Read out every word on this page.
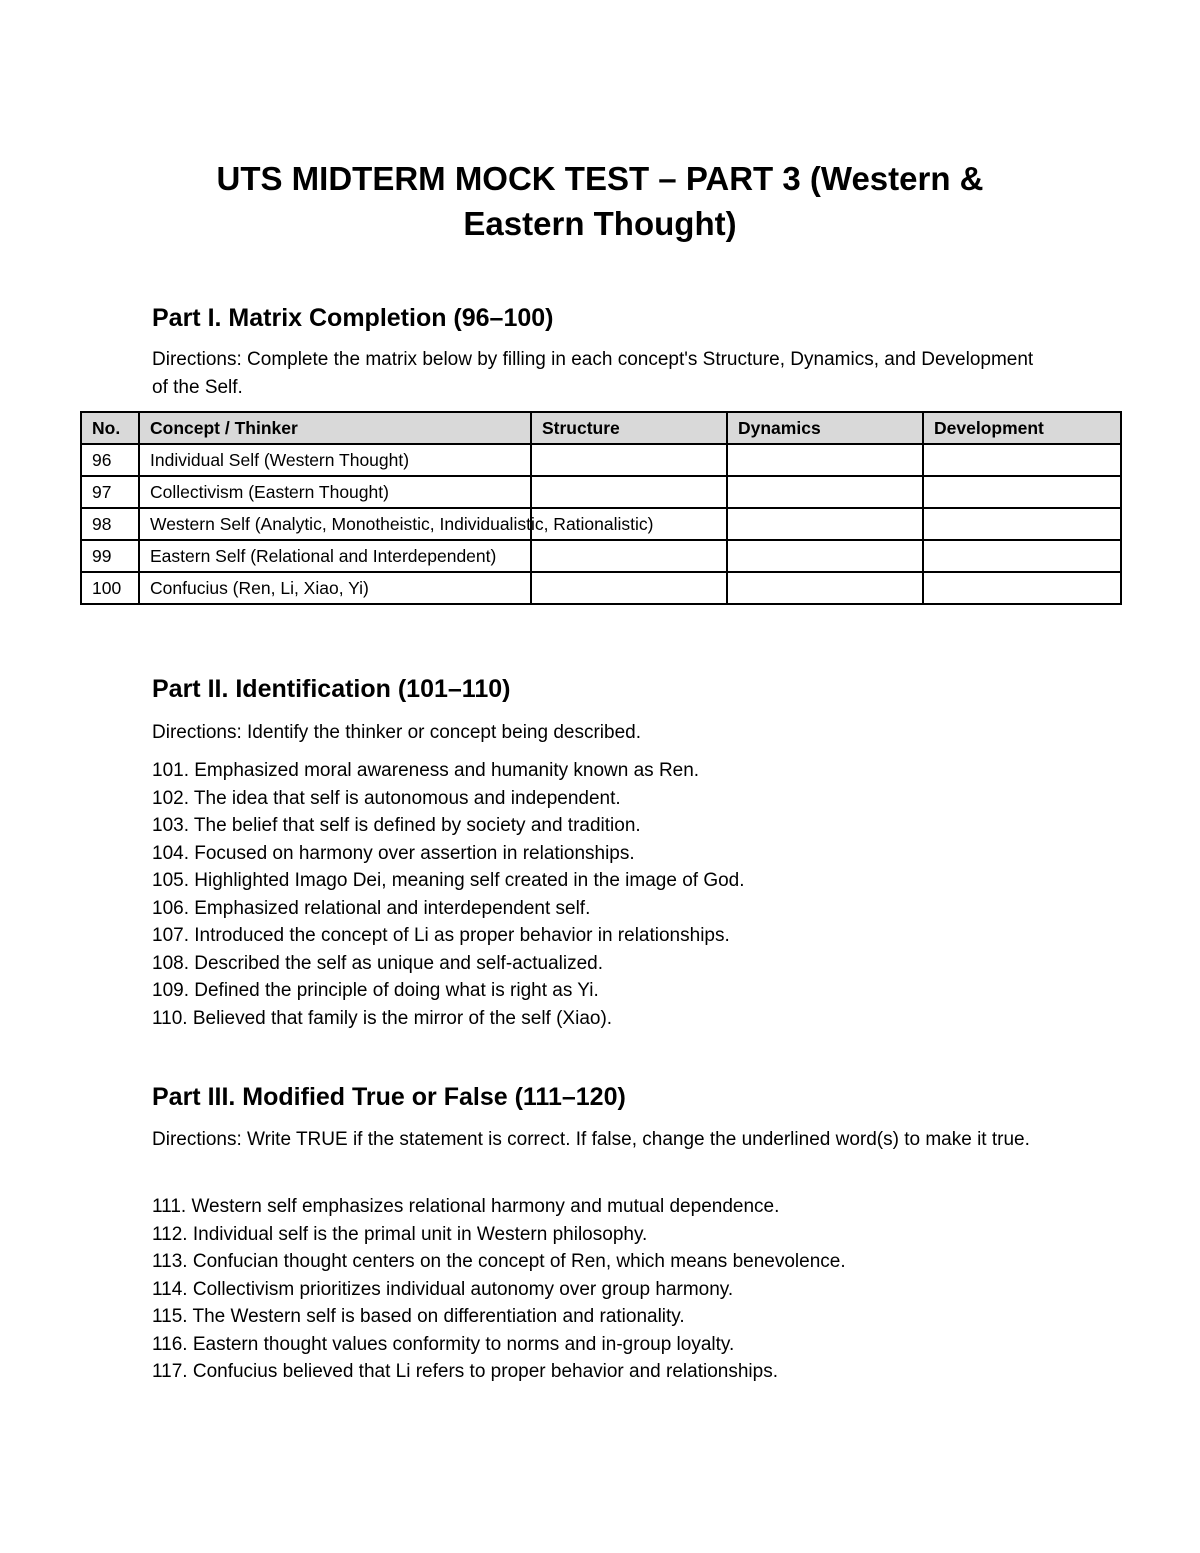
UTS MIDTERM MOCK TEST – PART 3 (Western &
Eastern Thought)
Part I. Matrix Completion (96–100)

Directions: Complete the matrix below by filling in each concept's Structure, Dynamics, and Development of the Self.

No.	Concept / Thinker	Structure	Dynamics	Development
96	Individual Self (Western Thought)			
97	Collectivism (Eastern Thought)			
98	Western Self (Analytic, Monotheistic, Individualistic, Rationalistic)			
99	Eastern Self (Relational and Interdependent)			
100	Confucius (Ren, Li, Xiao, Yi)			
Part II. Identification (101–110)

Directions: Identify the thinker or concept being described.

101. Emphasized moral awareness and humanity known as Ren.
102. The idea that self is autonomous and independent.
103. The belief that self is defined by society and tradition.
104. Focused on harmony over assertion in relationships.
105. Highlighted Imago Dei, meaning self created in the image of God.
106. Emphasized relational and interdependent self.
107. Introduced the concept of Li as proper behavior in relationships.
108. Described the self as unique and self-actualized.
109. Defined the principle of doing what is right as Yi.
110. Believed that family is the mirror of the self (Xiao).
Part III. Modified True or False (111–120)

Directions: Write TRUE if the statement is correct. If false, change the underlined word(s) to make it true.

111. Western self emphasizes relational harmony and mutual dependence.
112. Individual self is the primal unit in Western philosophy.
113. Confucian thought centers on the concept of Ren, which means benevolence.
114. Collectivism prioritizes individual autonomy over group harmony.
115. The Western self is based on differentiation and rationality.
116. Eastern thought values conformity to norms and in-group loyalty.
117. Confucius believed that Li refers to proper behavior and relationships.
